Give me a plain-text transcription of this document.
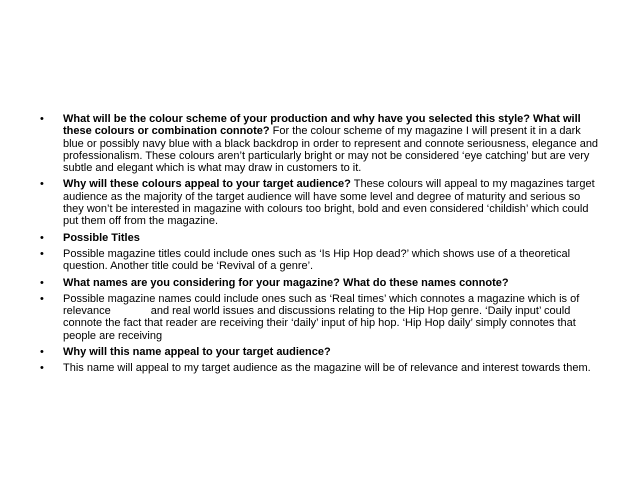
• What will be the colour scheme of your production and why have you selected this style? What will these colours or combination connote? For the colour scheme of my magazine I will present it in a dark blue or possibly navy blue with a black backdrop in order to represent and connote seriousness, elegance and professionalism. These colours aren’t particularly bright or may not be considered ‘eye catching’ but are very subtle and elegant which is what may draw in customers to it.
• Why will these colours appeal to your target audience? These colours will appeal to my magazines target audience as the majority of the target audience will have some level and degree of maturity and serious so they won’t be interested in magazine with colours too bright, bold and even considered ‘childish’ which could put them off from the magazine.
• Possible Titles
• Possible magazine titles could include ones such as ‘Is Hip Hop dead?’ which shows use of a theoretical question. Another title could be ‘Revival of a genre’.
• What names are you considering for your magazine? What do these names connote?
• Possible magazine names could include ones such as ‘Real times’ which connotes a magazine which is of relevance	and real world issues and discussions relating to the Hip Hop genre. ‘Daily input’ could connote the fact that reader are receiving their ‘daily’ input of hip hop. ‘Hip Hop daily’ simply connotes that people are receiving
• Why will this name appeal to your target audience?
• This name will appeal to my target audience as the magazine will be of relevance and interest towards them.
